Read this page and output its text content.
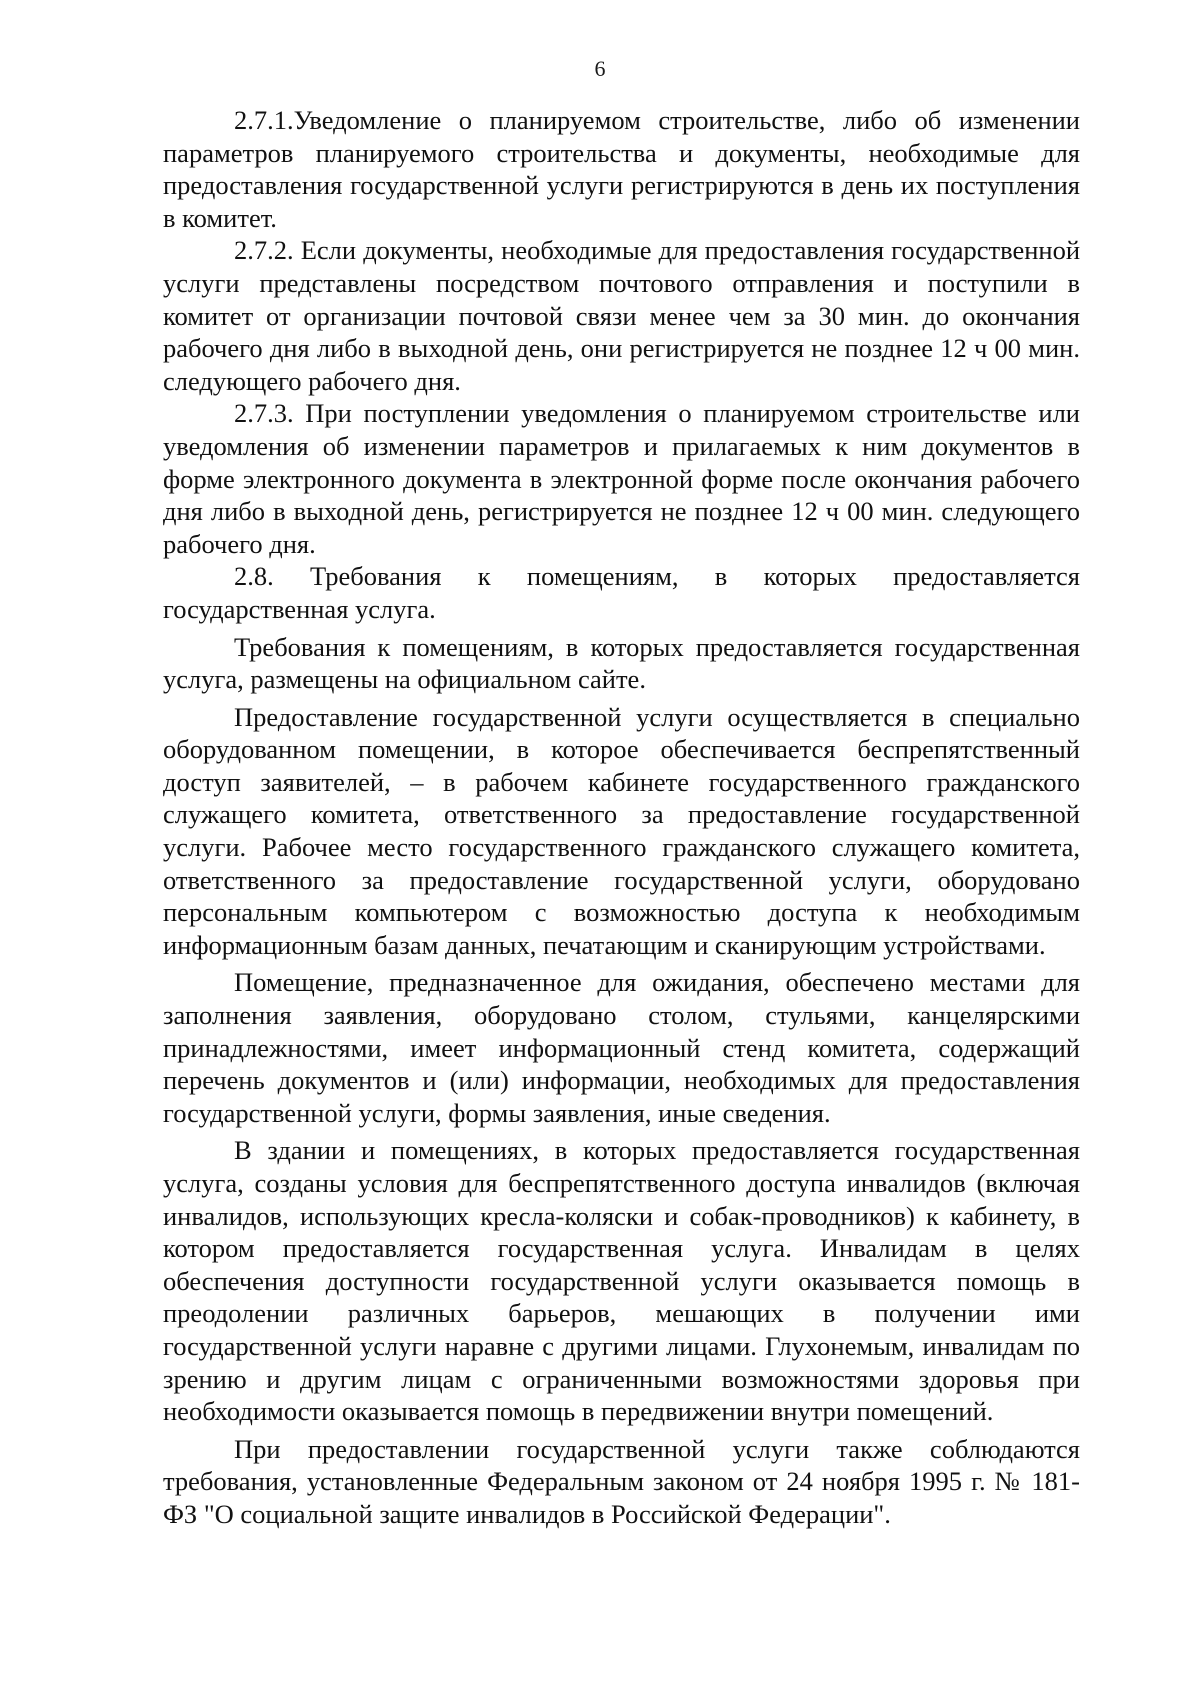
6

2.7.1.Уведомление о планируемом строительстве, либо об изменении параметров планируемого строительства и документы, необходимые для предоставления государственной услуги регистрируются в день их поступления в комитет.

2.7.2. Если документы, необходимые для предоставления государственной услуги представлены посредством почтового отправления и поступили в комитет от организации почтовой связи менее чем за 30 мин. до окончания рабочего дня либо в выходной день, они регистрируется не позднее 12 ч 00 мин. следующего рабочего дня.

2.7.3. При поступлении уведомления о планируемом строительстве или уведомления об изменении параметров и прилагаемых к ним документов в форме электронного документа в электронной форме после окончания рабочего дня либо в выходной день, регистрируется не позднее 12 ч 00 мин. следующего рабочего дня.

2.8. Требования к помещениям, в которых предоставляется государственная услуга.

Требования к помещениям, в которых предоставляется государственная услуга, размещены на официальном сайте.

Предоставление государственной услуги осуществляется в специально оборудованном помещении, в которое обеспечивается беспрепятственный доступ заявителей, – в рабочем кабинете государственного гражданского служащего комитета, ответственного за предоставление государственной услуги. Рабочее место государственного гражданского служащего комитета, ответственного за предоставление государственной услуги, оборудовано персональным компьютером с возможностью доступа к необходимым информационным базам данных, печатающим и сканирующим устройствами.

Помещение, предназначенное для ожидания, обеспечено местами для заполнения заявления, оборудовано столом, стульями, канцелярскими принадлежностями, имеет информационный стенд комитета, содержащий перечень документов и (или) информации, необходимых для предоставления государственной услуги, формы заявления, иные сведения.

В здании и помещениях, в которых предоставляется государственная услуга, созданы условия для беспрепятственного доступа инвалидов (включая инвалидов, использующих кресла-коляски и собак-проводников) к кабинету, в котором предоставляется государственная услуга. Инвалидам в целях обеспечения доступности государственной услуги оказывается помощь в преодолении различных барьеров, мешающих в получении ими государственной услуги наравне с другими лицами. Глухонемым, инвалидам по зрению и другим лицам с ограниченными возможностями здоровья при необходимости оказывается помощь в передвижении внутри помещений.

При предоставлении государственной услуги также соблюдаются требования, установленные Федеральным законом от 24 ноября 1995 г. № 181-ФЗ "О социальной защите инвалидов в Российской Федерации".
